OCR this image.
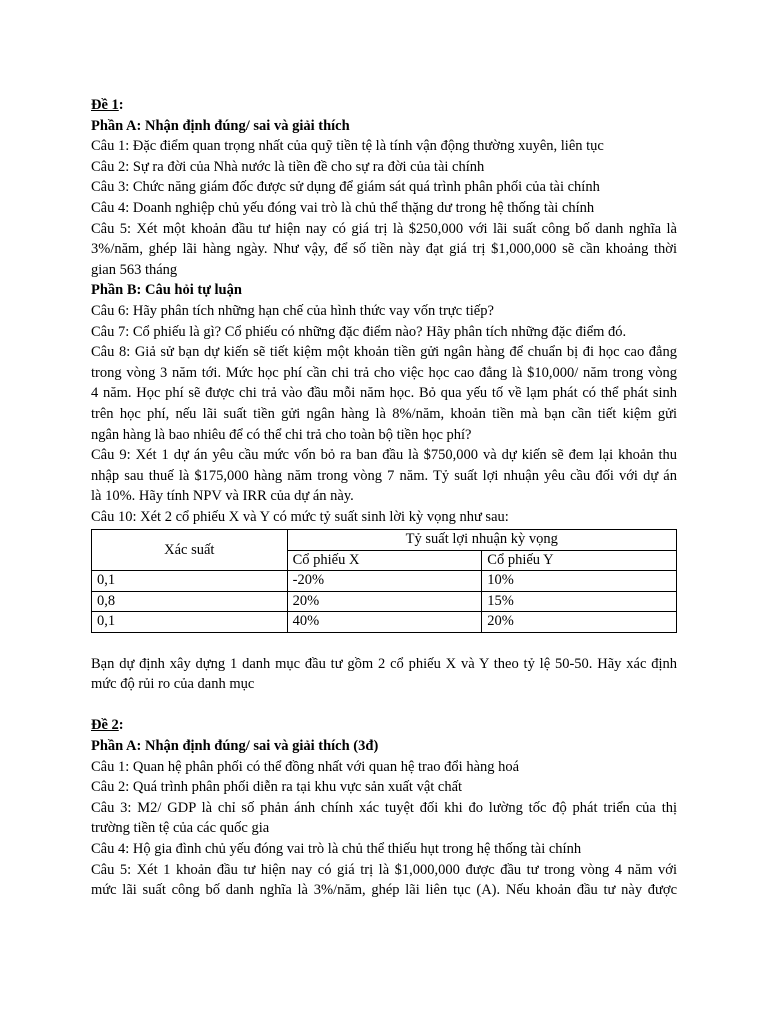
Đề 1:

Phần A: Nhận định đúng/ sai và giải thích

Câu 1: Đặc điểm quan trọng nhất của quỹ tiền tệ là tính vận động thường xuyên, liên tục

Câu 2: Sự ra đời của Nhà nước là tiền đề cho sự ra đời của tài chính

Câu 3: Chức năng giám đốc được sử dụng để giám sát quá trình phân phối của tài chính

Câu 4: Doanh nghiệp chủ yếu đóng vai trò là chủ thể thặng dư trong hệ thống tài chính

Câu 5: Xét một khoản đầu tư hiện nay có giá trị là $250,000 với lãi suất công bố danh nghĩa là

3%/năm, ghép lãi hàng ngày. Như vậy, để số tiền này đạt giá trị $1,000,000 sẽ cần khoảng thời

gian 563 tháng

Phần B: Câu hỏi tự luận

Câu 6: Hãy phân tích những hạn chế của hình thức vay vốn trực tiếp?

Câu 7: Cổ phiếu là gì? Cổ phiếu có những đặc điểm nào? Hãy phân tích những đặc điểm đó.

Câu 8: Giả sử bạn dự kiến sẽ tiết kiệm một khoản tiền gửi ngân hàng để chuẩn bị đi học cao đẳng

trong vòng 3 năm tới. Mức học phí cần chi trả cho việc học cao đẳng là $10,000/ năm trong vòng

4 năm. Học phí sẽ được chi trả vào đầu mỗi năm học. Bỏ qua yếu tố về lạm phát có thể phát sinh

trên học phí, nếu lãi suất tiền gửi ngân hàng là 8%/năm, khoản tiền mà bạn cần tiết kiệm gửi

ngân hàng là bao nhiêu để có thể chi trả cho toàn bộ tiền học phí?

Câu 9: Xét 1 dự án yêu cầu mức vốn bỏ ra ban đầu là $750,000 và dự kiến sẽ đem lại khoản thu

nhập sau thuế là $175,000 hàng năm trong vòng 7 năm. Tỷ suất lợi nhuận yêu cầu đối với dự án

là 10%. Hãy tính NPV và IRR của dự án này.

Câu 10: Xét 2 cổ phiếu X và Y có mức tỷ suất sinh lời kỳ vọng như sau:

Xác suất	Tỷ suất lợi nhuận kỳ vọng	
	Cổ phiếu X	Cổ phiếu Y
0,1	-20%	10%
0,8	20%	15%
0,1	40%	20%

Bạn dự định xây dựng 1 danh mục đầu tư gồm 2 cổ phiếu X và Y theo tỷ lệ 50-50. Hãy xác định

mức độ rủi ro của danh mục

Đề 2:

Phần A: Nhận định đúng/ sai và giải thích (3đ)

Câu 1: Quan hệ phân phối có thể đồng nhất với quan hệ trao đổi hàng hoá

Câu 2: Quá trình phân phối diễn ra tại khu vực sản xuất vật chất

Câu 3: M2/ GDP là chỉ số phản ánh chính xác tuyệt đối khi đo lường tốc độ phát triển của thị

trường tiền tệ của các quốc gia

Câu 4: Hộ gia đình chủ yếu đóng vai trò là chủ thể thiếu hụt trong hệ thống tài chính

Câu 5: Xét 1 khoản đầu tư hiện nay có giá trị là $1,000,000 được đầu tư trong vòng 4 năm với

mức lãi suất công bố danh nghĩa là 3%/năm, ghép lãi liên tục (A). Nếu khoản đầu tư này được
